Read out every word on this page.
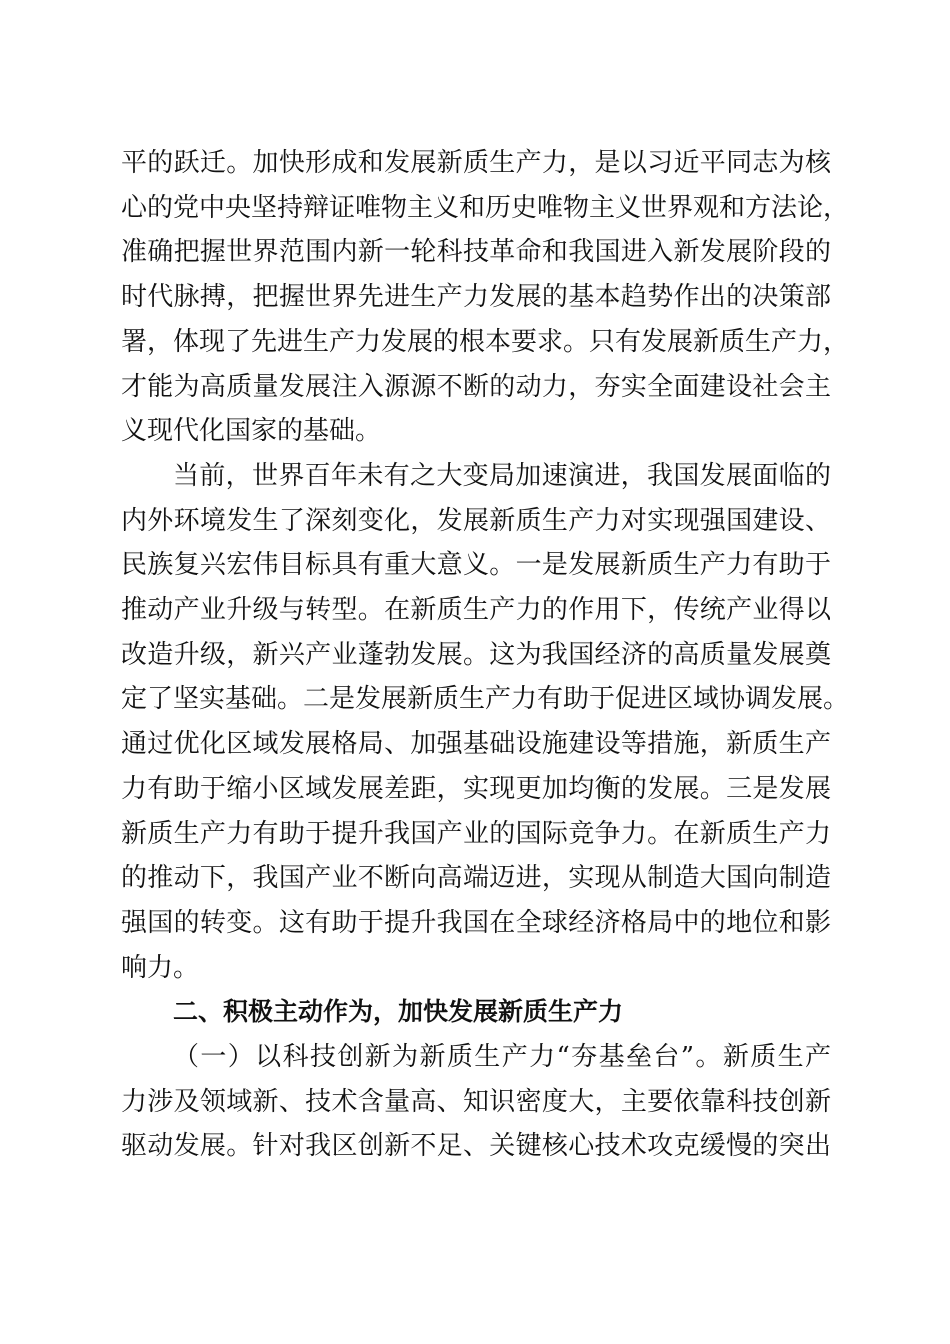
平的跃迁。加快形成和发展新质生产力，是以习近平同志为核
心的党中央坚持辩证唯物主义和历史唯物主义世界观和方法论，
准确把握世界范围内新一轮科技革命和我国进入新发展阶段的
时代脉搏，把握世界先进生产力发展的基本趋势作出的决策部
署，体现了先进生产力发展的根本要求。只有发展新质生产力，
才能为高质量发展注入源源不断的动力，夯实全面建设社会主
义现代化国家的基础。
当前，世界百年未有之大变局加速演进，我国发展面临的
内外环境发生了深刻变化，发展新质生产力对实现强国建设、
民族复兴宏伟目标具有重大意义。一是发展新质生产力有助于
推动产业升级与转型。在新质生产力的作用下，传统产业得以
改造升级，新兴产业蓬勃发展。这为我国经济的高质量发展奠
定了坚实基础。二是发展新质生产力有助于促进区域协调发展。
通过优化区域发展格局、加强基础设施建设等措施，新质生产
力有助于缩小区域发展差距，实现更加均衡的发展。三是发展
新质生产力有助于提升我国产业的国际竞争力。在新质生产力
的推动下，我国产业不断向高端迈进，实现从制造大国向制造
强国的转变。这有助于提升我国在全球经济格局中的地位和影
响力。
二、积极主动作为，加快发展新质生产力
（一）以科技创新为新质生产力“夯基垒台”。新质生产
力涉及领域新、技术含量高、知识密度大，主要依靠科技创新
驱动发展。针对我区创新不足、关键核心技术攻克缓慢的突出
